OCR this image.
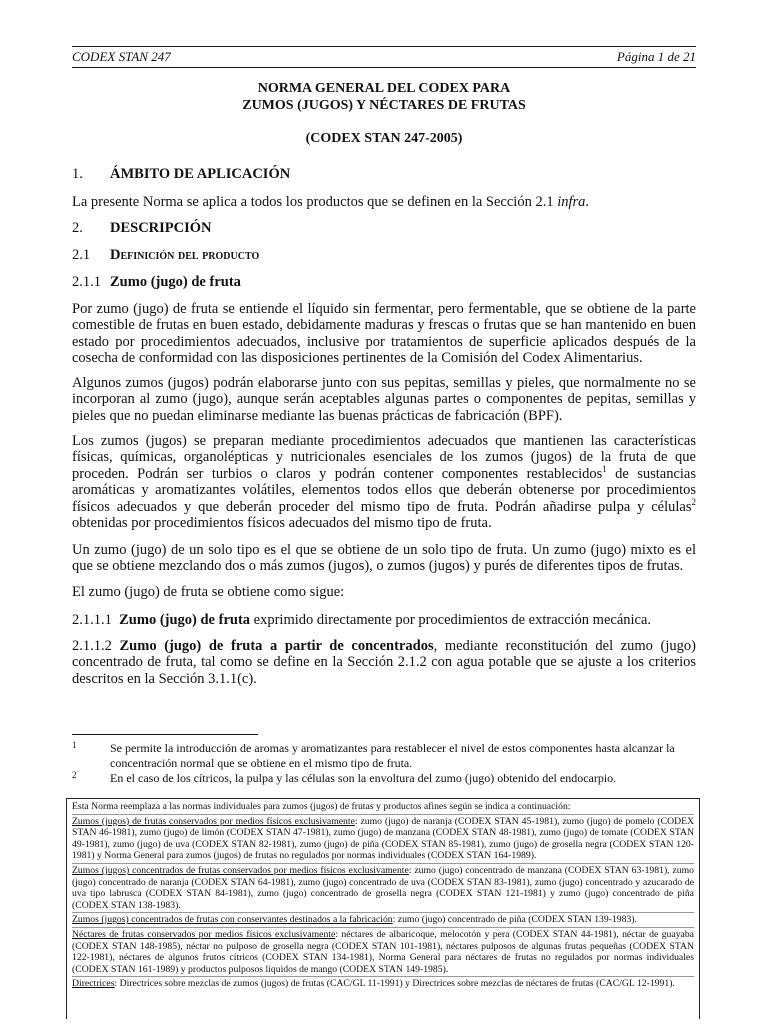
CODEX STAN 247	Página 1 de 21
NORMA GENERAL DEL CODEX PARA
ZUMOS (JUGOS) Y NÉCTARES DE FRUTAS
(CODEX STAN 247-2005)
1. ÁMBITO DE APLICACIÓN
La presente Norma se aplica a todos los productos que se definen en la Sección 2.1 infra.
2. DESCRIPCIÓN
2.1 Definición del producto
2.1.1 Zumo (jugo) de fruta
Por zumo (jugo) de fruta se entiende el líquido sin fermentar, pero fermentable, que se obtiene de la parte comestible de frutas en buen estado, debidamente maduras y frescas o frutas que se han mantenido en buen estado por procedimientos adecuados, inclusive por tratamientos de superficie aplicados después de la cosecha de conformidad con las disposiciones pertinentes de la Comisión del Codex Alimentarius.
Algunos zumos (jugos) podrán elaborarse junto con sus pepitas, semillas y pieles, que normalmente no se incorporan al zumo (jugo), aunque serán aceptables algunas partes o componentes de pepitas, semillas y pieles que no puedan eliminarse mediante las buenas prácticas de fabricación (BPF).
Los zumos (jugos) se preparan mediante procedimientos adecuados que mantienen las características físicas, químicas, organolépticas y nutricionales esenciales de los zumos (jugos) de la fruta de que proceden. Podrán ser turbios o claros y podrán contener componentes restablecidos$^1$ de sustancias aromáticas y aromatizantes volátiles, elementos todos ellos que deberán obtenerse por procedimientos físicos adecuados y que deberán proceder del mismo tipo de fruta. Podrán añadirse pulpa y células$^2$ obtenidas por procedimientos físicos adecuados del mismo tipo de fruta.
Un zumo (jugo) de un solo tipo es el que se obtiene de un solo tipo de fruta. Un zumo (jugo) mixto es el que se obtiene mezclando dos o más zumos (jugos), o zumos (jugos) y purés de diferentes tipos de frutas.
El zumo (jugo) de fruta se obtiene como sigue:
2.1.1.1 Zumo (jugo) de fruta exprimido directamente por procedimientos de extracción mecánica.
2.1.1.2 Zumo (jugo) de fruta a partir de concentrados, mediante reconstitución del zumo (jugo) concentrado de fruta, tal como se define en la Sección 2.1.2 con agua potable que se ajuste a los criterios descritos en la Sección 3.1.1(c).
1	Se permite la introducción de aromas y aromatizantes para restablecer el nivel de estos componentes hasta alcanzar la concentración normal que se obtiene en el mismo tipo de fruta.
2	En el caso de los cítricos, la pulpa y las células son la envoltura del zumo (jugo) obtenido del endocarpio.
Esta Norma reemplaza a las normas individuales para zumos (jugos) de frutas y productos afines según se indica a continuación:
Zumos (jugos) de frutas conservados por medios físicos exclusivamente: zumo (jugo) de naranja (CODEX STAN 45-1981), zumo (jugo) de pomelo (CODEX STAN 46-1981), zumo (jugo) de limón (CODEX STAN 47-1981), zumo (jugo) de manzana (CODEX STAN 48-1981), zumo (jugo) de tomate (CODEX STAN 49-1981), zumo (jugo) de uva (CODEX STAN 82-1981), zumo (jugo) de piña (CODEX STAN 85-1981), zumo (jugo) de grosella negra (CODEX STAN 120-1981) y Norma General para zumos (jugos) de frutas no regulados por normas individuales (CODEX STAN 164-1989).
Zumos (jugos) concentrados de frutas conservados por medios físicos exclusivamente: zumo (jugo) concentrado de manzana (CODEX STAN 63-1981), zumo (jugo) concentrado de naranja (CODEX STAN 64-1981), zumo (jugo) concentrado de uva (CODEX STAN 83-1981), zumo (jugo) concentrado y azucarado de uva tipo labrusca (CODEX STAN 84-1981), zumo (jugo) concentrado de grosella negra (CODEX STAN 121-1981) y zumo (jugo) concentrado de piña (CODEX STAN 138-1983).
Zumos (jugos) concentrados de frutas con conservantes destinados a la fabricación: zumo (jugo) concentrado de piña (CODEX STAN 139-1983).
Néctares de frutas conservados por medios físicos exclusivamente: néctares de albaricoque, melocotón y pera (CODEX STAN 44-1981), néctar de guayaba (CODEX STAN 148-1985), néctar no pulposo de grosella negra (CODEX STAN 101-1981), néctares pulposos de algunas frutas pequeñas (CODEX STAN 122-1981), néctares de algunos frutos cítricos (CODEX STAN 134-1981), Norma General para néctares de frutas no regulados por normas individuales (CODEX STAN 161-1989) y productos pulposos líquidos de mango (CODEX STAN 149-1985).
Directrices: Directrices sobre mezclas de zumos (jugos) de frutas (CAC/GL 11-1991) y Directrices sobre mezclas de néctares de frutas (CAC/GL 12-1991).
